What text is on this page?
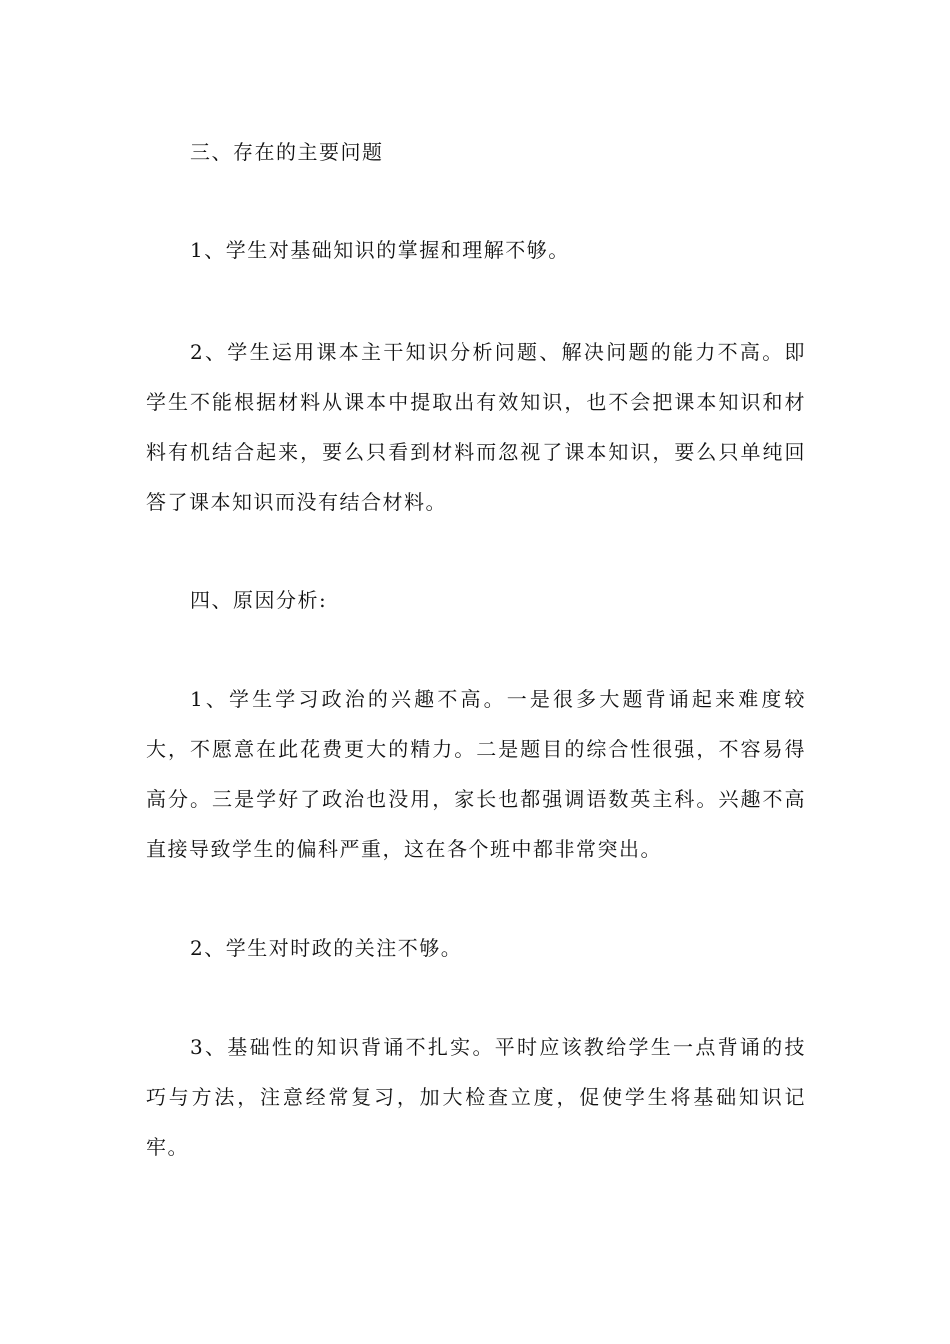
三、存在的主要问题

1、学生对基础知识的掌握和理解不够。

2、学生运用课本主干知识分析问题、解决问题的能力不高。即学生不能根据材料从课本中提取出有效知识，也不会把课本知识和材料有机结合起来，要么只看到材料而忽视了课本知识，要么只单纯回答了课本知识而没有结合材料。

四、原因分析:

1、学生学习政治的兴趣不高。一是很多大题背诵起来难度较大，不愿意在此花费更大的精力。二是题目的综合性很强，不容易得高分。三是学好了政治也没用，家长也都强调语数英主科。兴趣不高直接导致学生的偏科严重，这在各个班中都非常突出。

2、学生对时政的关注不够。

3、基础性的知识背诵不扎实。平时应该教给学生一点背诵的技巧与方法，注意经常复习，加大检查立度，促使学生将基础知识记牢。
